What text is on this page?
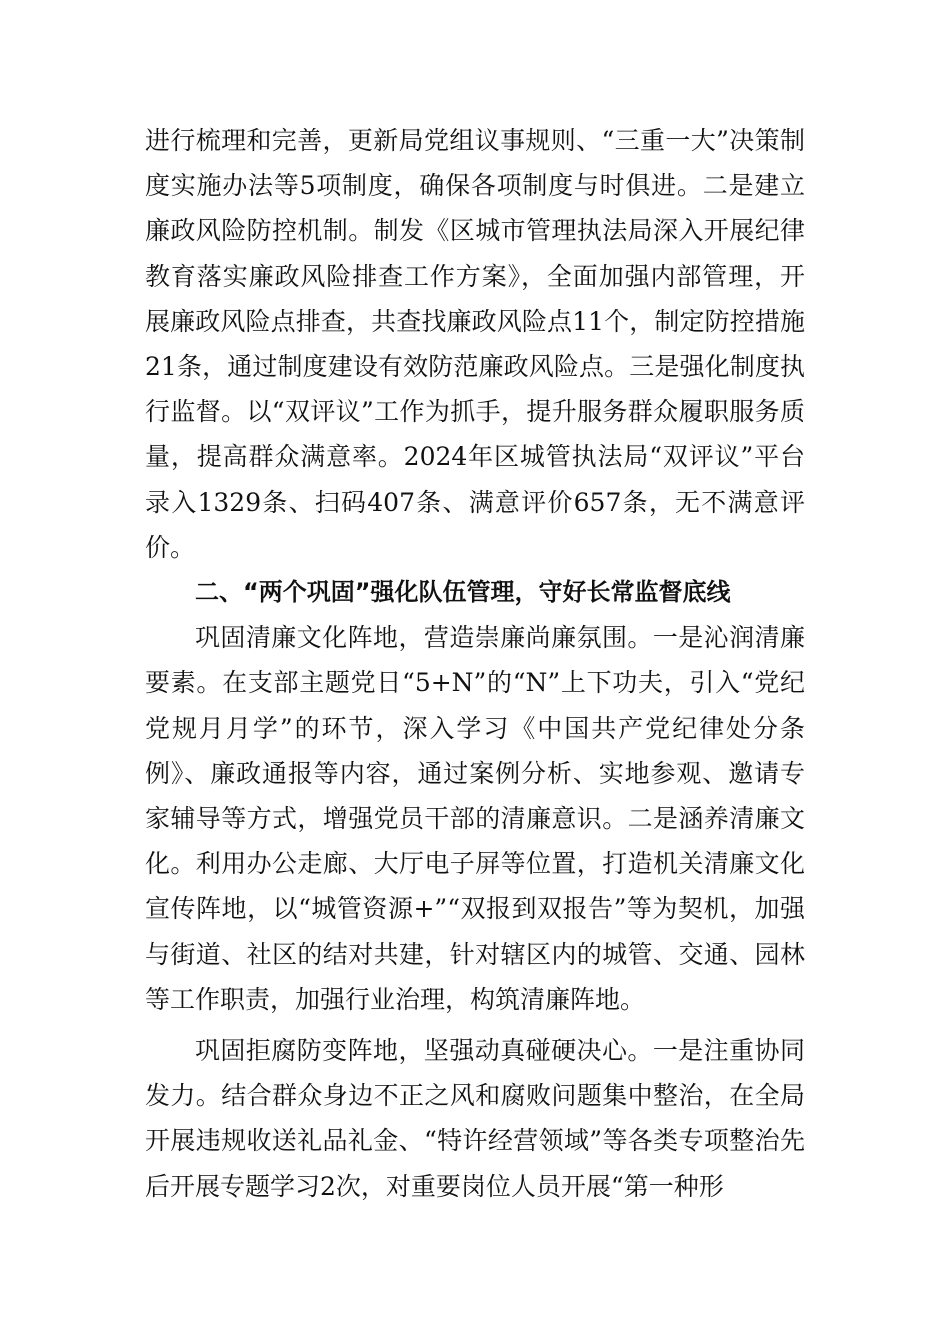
进行梳理和完善，更新局党组议事规则、“三重一大”决策制度实施办法等5项制度，确保各项制度与时俱进。二是建立廉政风险防控机制。制发《区城市管理执法局深入开展纪律教育落实廉政风险排查工作方案》，全面加强内部管理，开展廉政风险点排查，共查找廉政风险点11个，制定防控措施21条，通过制度建设有效防范廉政风险点。三是强化制度执行监督。以“双评议”工作为抓手，提升服务群众履职服务质量，提高群众满意率。2024年区城管执法局“双评议”平台录入1329条、扫码407条、满意评价657条，无不满意评价。

二、“两个巩固”强化队伍管理，守好长常监督底线

巩固清廉文化阵地，营造崇廉尚廉氛围。一是沁润清廉要素。在支部主题党日“5+N”的“N”上下功夫，引入“党纪党规月月学”的环节，深入学习《中国共产党纪律处分条例》、廉政通报等内容，通过案例分析、实地参观、邀请专家辅导等方式，增强党员干部的清廉意识。二是涵养清廉文化。利用办公走廊、大厅电子屏等位置，打造机关清廉文化宣传阵地，以“城管资源+”“双报到双报告”等为契机，加强与街道、社区的结对共建，针对辖区内的城管、交通、园林等工作职责，加强行业治理，构筑清廉阵地。

巩固拒腐防变阵地，坚强动真碰硬决心。一是注重协同发力。结合群众身边不正之风和腐败问题集中整治，在全局开展违规收送礼品礼金、“特许经营领域”等各类专项整治先后开展专题学习2次，对重要岗位人员开展“第一种形
